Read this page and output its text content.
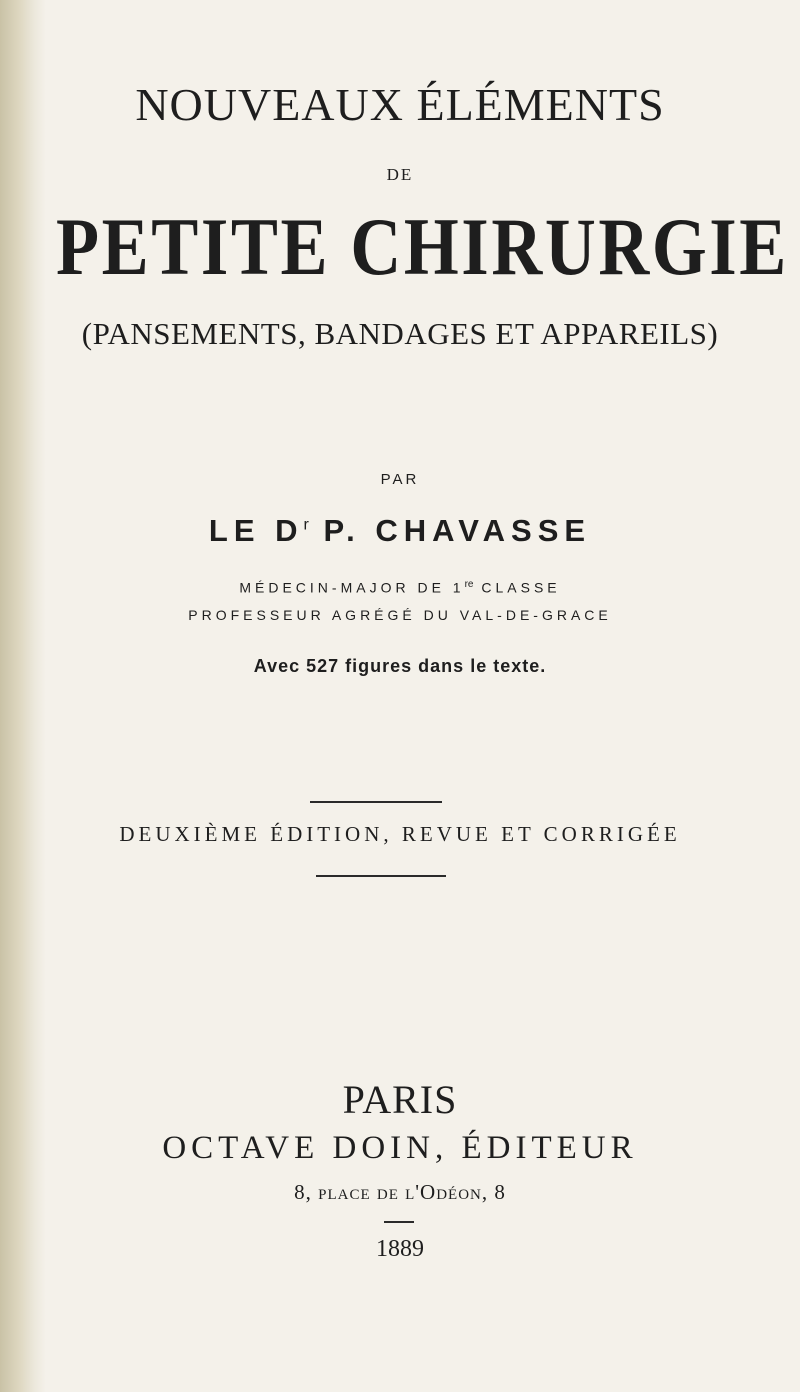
NOUVEAUX ÉLÉMENTS
DE
PETITE CHIRURGIE
(PANSEMENTS, BANDAGES ET APPAREILS)
PAR
LE $D^r$ P. CHAVASSE
MÉDECIN-MAJOR DE 1re CLASSE
PROFESSEUR AGRÉGÉ DU VAL-DE-GRACE
Avec 527 figures dans le texte.
DEUXIÈME ÉDITION, REVUE ET CORRIGÉE
PARIS
OCTAVE DOIN, ÉDITEUR
8, place de l'Odéon, 8
1889
